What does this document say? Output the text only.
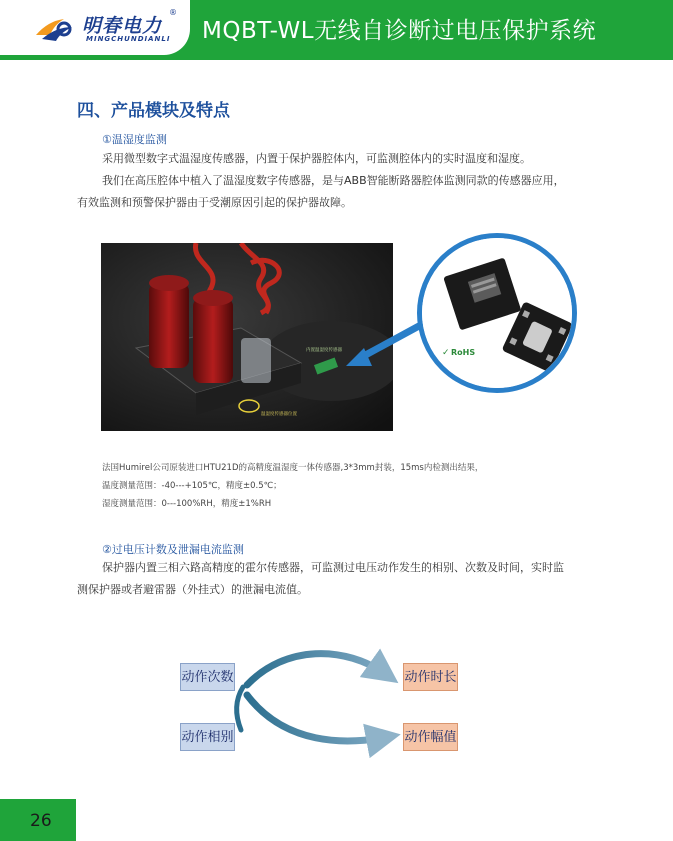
明春电力
MINGCHUNDIANLI
®
MQBT-WL无线自诊断过电压保护系统
四、产品模块及特点
①温湿度监测
采用微型数字式温湿度传感器，内置于保护器腔体内，可监测腔体内的实时温度和湿度。
我们在高压腔体中植入了温湿度数字传感器，是与ABB智能断路器腔体监测同款的传感器应用，
有效监测和预警保护器由于受潮原因引起的保护器故障。
内置温湿度传感器
温湿度传感器位置
✓ RoHS
法国Humirel公司原装进口HTU21D的高精度温湿度一体传感器,3*3mm封装，15ms内检测出结果，
温度测量范围：-40---+105℃，精度±0.5℃；
湿度测量范围：0---100%RH，精度±1%RH
②过电压计数及泄漏电流监测
保护器内置三相六路高精度的霍尔传感器，可监测过电压动作发生的相别、次数及时间，实时监
测保护器或者避雷器（外挂式）的泄漏电流值。
动作次数
动作相别
动作时长
动作幅值
26
